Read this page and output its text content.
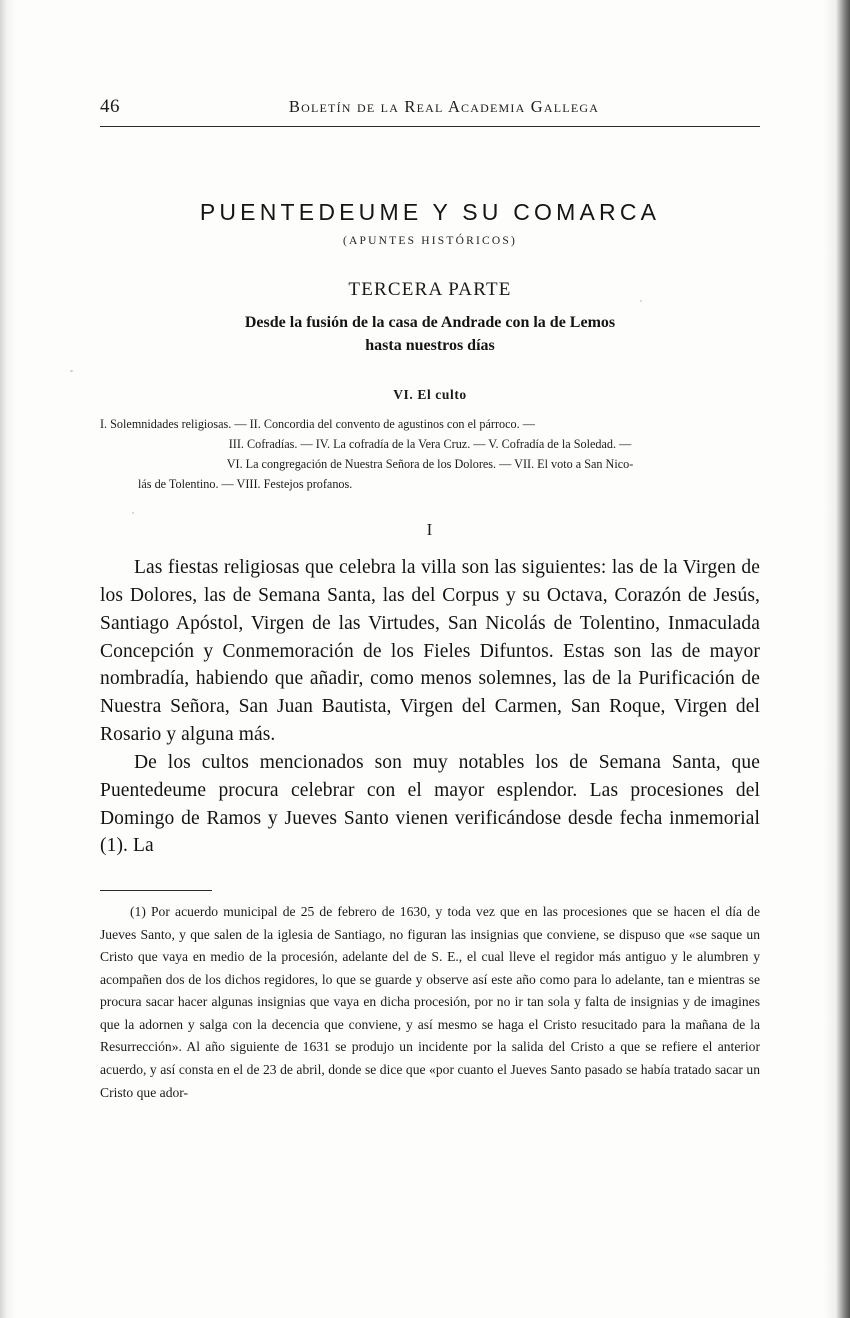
46	Boletín de la Real Academia Gallega
PUENTEDEUME Y SU COMARCA
(APUNTES HISTÓRICOS)
TERCERA PARTE
Desde la fusión de la casa de Andrade con la de Lemos
hasta nuestros días
VI. El culto
I. Solemnidades religiosas. — II. Concordia del convento de agustinos con el párroco. —
III. Cofradías. — IV. La cofradía de la Vera Cruz. — V. Cofradía de la Soledad. —
VI. La congregación de Nuestra Señora de los Dolores. — VII. El voto a San Nico-
lás de Tolentino. — VIII. Festejos profanos.
I

Las fiestas religiosas que celebra la villa son las siguientes: las de la Virgen de los Dolores, las de Semana Santa, las del Corpus y su Octava, Corazón de Jesús, Santiago Apóstol, Virgen de las Virtudes, San Nicolás de Tolentino, Inmaculada Concepción y Conmemoración de los Fieles Difuntos. Estas son las de mayor nombradía, habiendo que añadir, como menos solemnes, las de la Purificación de Nuestra Señora, San Juan Bautista, Virgen del Carmen, San Roque, Virgen del Rosario y alguna más.

De los cultos mencionados son muy notables los de Semana Santa, que Puentedeume procura celebrar con el mayor esplendor. Las procesiones del Domingo de Ramos y Jueves Santo vienen verificándose desde fecha inmemorial (1). La

(1) Por acuerdo municipal de 25 de febrero de 1630, y toda vez que en las procesiones que se hacen el día de Jueves Santo, y que salen de la iglesia de Santiago, no figuran las insignias que conviene, se dispuso que «se saque un Cristo que vaya en medio de la procesión, adelante del de S. E., el cual lleve el regidor más antiguo y le alumbren y acompañen dos de los dichos regidores, lo que se guarde y observe así este año como para lo adelante, tan e mientras se procura sacar hacer algunas insignias que vaya en dicha procesión, por no ir tan sola y falta de insignias y de imagines que la adornen y salga con la decencia que conviene, y así mesmo se haga el Cristo resucitado para la mañana de la Resurrección». Al año siguiente de 1631 se produjo un incidente por la salida del Cristo a que se refiere el anterior acuerdo, y así consta en el de 23 de abril, donde se dice que «por cuanto el Jueves Santo pasado se había tratado sacar un Cristo que ador-
